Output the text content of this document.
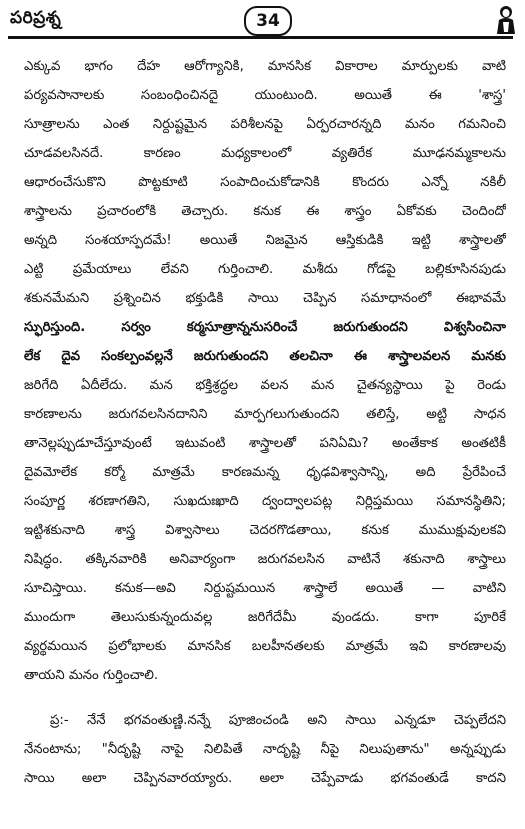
పరిప్రశ్న	34
ఎక్కువ భాగం దేహ ఆరోగ్యానికి, మానసిక వికారాల మార్పులకు వాటి
పర్యవసానాలకు సంబంధించినదై యుంటుంది. అయితే ఈ 'శాస్త్ర'
సూత్రాలను ఎంత నిర్దుష్టమైన పరిశీలనపై ఏర్పరచారన్నది మనం గమనించి
చూడవలసినదే. కారణం మధ్యకాలంలో వ్యతిరేక మూఢనమ్మకాలను
ఆధారంచేసుకొని పొట్టకూటి సంపాదించుకోడానికి కొందరు ఎన్నో నకిలీ
శాస్త్రాలను ప్రచారంలోకి తెచ్చారు. కనుక ఈ శాస్త్రం ఏకోవకు చెందిందో
అన్నది సంశయాస్పదమే! అయితే నిజమైన ఆస్తికుడికి ఇట్టి శాస్త్రాలతో
ఎట్టి ప్రమేయాలు లేవని గుర్తించాలి. మశీదు గోడపై బల్లికూసినపుడు
శకునమేమని ప్రశ్నించిన భక్తుడికి సాయి చెప్పిన సమాధానంలో ఈభావమే
స్ఫురిస్తుంది. సర్వం కర్మసూత్రాన్ననుసరించే జరుగుతుందని విశ్వసించినా
లేక దైవ సంకల్పంవల్లనే జరుగుతుందని తలచినా ఈ శాస్త్రాలవలన మనకు
జరిగేది ఏదీలేదు. మన భక్తిశ్రద్ధల వలన మన చైతన్యస్థాయి పై రెండు
కారణాలను జరుగవలసినదానిని మార్పగలుగుతుందని తలిస్తే, అట్టి సాధన
తానెల్లప్పుడూచేస్తూవుంటే ఇటువంటి శాస్త్రాలతో పనిఏమి? అంతేకాక అంతటికీ
దైవమోలేక కర్మో మాత్రమే కారణమన్న ధృఢవిశ్వాసాన్ని, అది ప్రేరేపించే
సంపూర్ణ శరణాగతిని, సుఖదుఃఖాది ద్వంద్వాలపట్ల నిర్లిప్తమయి సమానస్థితిని;
ఇట్టిశకునాది శాస్త్ర విశ్వాసాలు చెదరగొడతాయి, కనుక ముముక్షువులకవి
నిషిద్ధం. తక్కినవారికి అనివార్యంగా జరుగవలసిన వాటినే శకునాది శాస్త్రాలు
సూచిస్తాయి. కనుక—అవి నిర్దుష్టమయిన శాస్త్రాలే అయితే — వాటిని
ముందుగా తెలుసుకున్నందువల్ల జరిగేదేమీ వుండదు. కాగా పూరికే
వ్యర్థమయిన ప్రలోభాలకు మానసిక బలహీనతలకు మాత్రమే ఇవి కారణాలవు
తాయని మనం గుర్తించాలి.
ప్ర:- నేనే భగవంతుణ్ణి.నన్నే పూజించండి అని సాయి ఎన్నడూ చెప్పలేదని
నేనంటాను; "నీదృష్టి నాపై నిలిపితే నాదృష్టి నీపై నిలుపుతాను" అన్నప్పుడు
సాయి అలా చెప్పినవారయ్యారు. అలా చెప్పేవాడు భగవంతుడే కాదని
